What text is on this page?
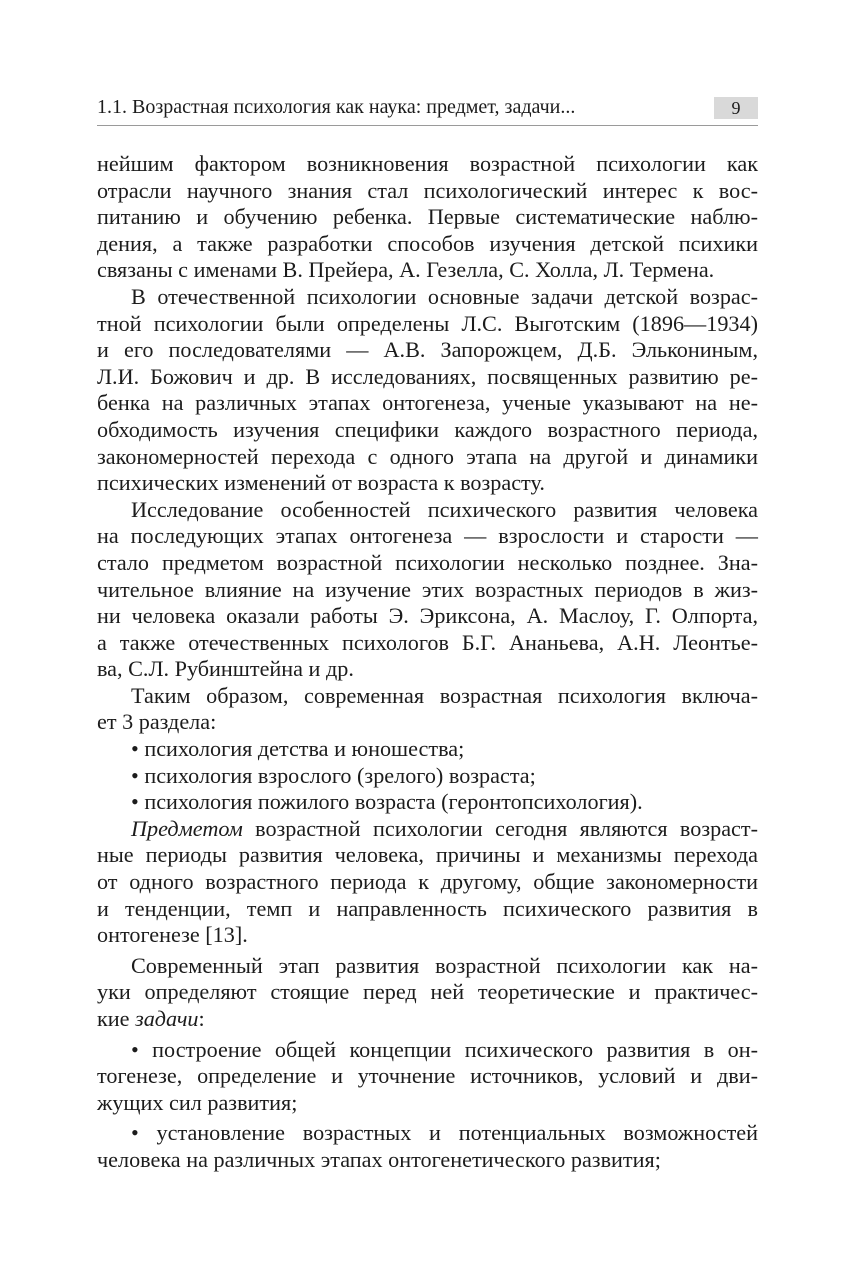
1.1. Возрастная психология как наука: предмет, задачи...	9

нейшим фактором возникновения возрастной психологии как

отрасли научного знания стал психологический интерес к вос-

питанию и обучению ребенка. Первые систематические наблю-

дения, а также разработки способов изучения детской психики

связаны с именами В. Прейера, А. Гезелла, С. Холла, Л. Термена.

В отечественной психологии основные задачи детской возрас-

тной психологии были определены Л.С. Выготским (1896—1934)

и его последователями — А.В. Запорожцем, Д.Б. Элькониным,

Л.И. Божович и др. В исследованиях, посвященных развитию ре-

бенка на различных этапах онтогенеза, ученые указывают на не-

обходимость изучения специфики каждого возрастного периода,

закономерностей перехода с одного этапа на другой и динамики

психических изменений от возраста к возрасту.

Исследование особенностей психического развития человека

на последующих этапах онтогенеза — взрослости и старости —

стало предметом возрастной психологии несколько позднее. Зна-

чительное влияние на изучение этих возрастных периодов в жиз-

ни человека оказали работы Э. Эриксона, А. Маслоу, Г. Олпорта,

а также отечественных психологов Б.Г. Ананьева, А.Н. Леонтье-

ва, С.Л. Рубинштейна и др.

Таким образом, современная возрастная психология включа-

ет 3 раздела:

• психология детства и юношества;

• психология взрослого (зрелого) возраста;

• психология пожилого возраста (геронтопсихология).

Предметом возрастной психологии сегодня являются возраст-

ные периоды развития человека, причины и механизмы перехода

от одного возрастного периода к другому, общие закономерности

и тенденции, темп и направленность психического развития в

онтогенезе [13].

Современный этап развития возрастной психологии как на-

уки определяют стоящие перед ней теоретические и практичес-

кие задачи:

• построение общей концепции психического развития в он-

тогенезе, определение и уточнение источников, условий и дви-

жущих сил развития;

• установление возрастных и потенциальных возможностей

человека на различных этапах онтогенетического развития;
